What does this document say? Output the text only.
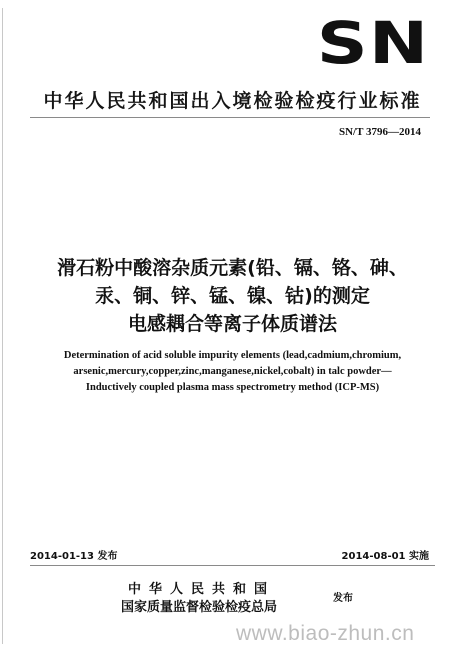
SN
中华人民共和国出入境检验检疫行业标准
SN/T 3796—2014
滑石粉中酸溶杂质元素(铅、镉、铬、砷、
汞、铜、锌、锰、镍、钴)的测定
电感耦合等离子体质谱法
Determination of acid soluble impurity elements (lead,cadmium,chromium,
arsenic,mercury,copper,zinc,manganese,nickel,cobalt) in talc powder—
Inductively coupled plasma mass spectrometry method (ICP-MS)
2014-01-13 发布	2014-08-01 实施
中华人民共和国
国家质量监督检验检疫总局
发布
www.biao-zhun.cn
